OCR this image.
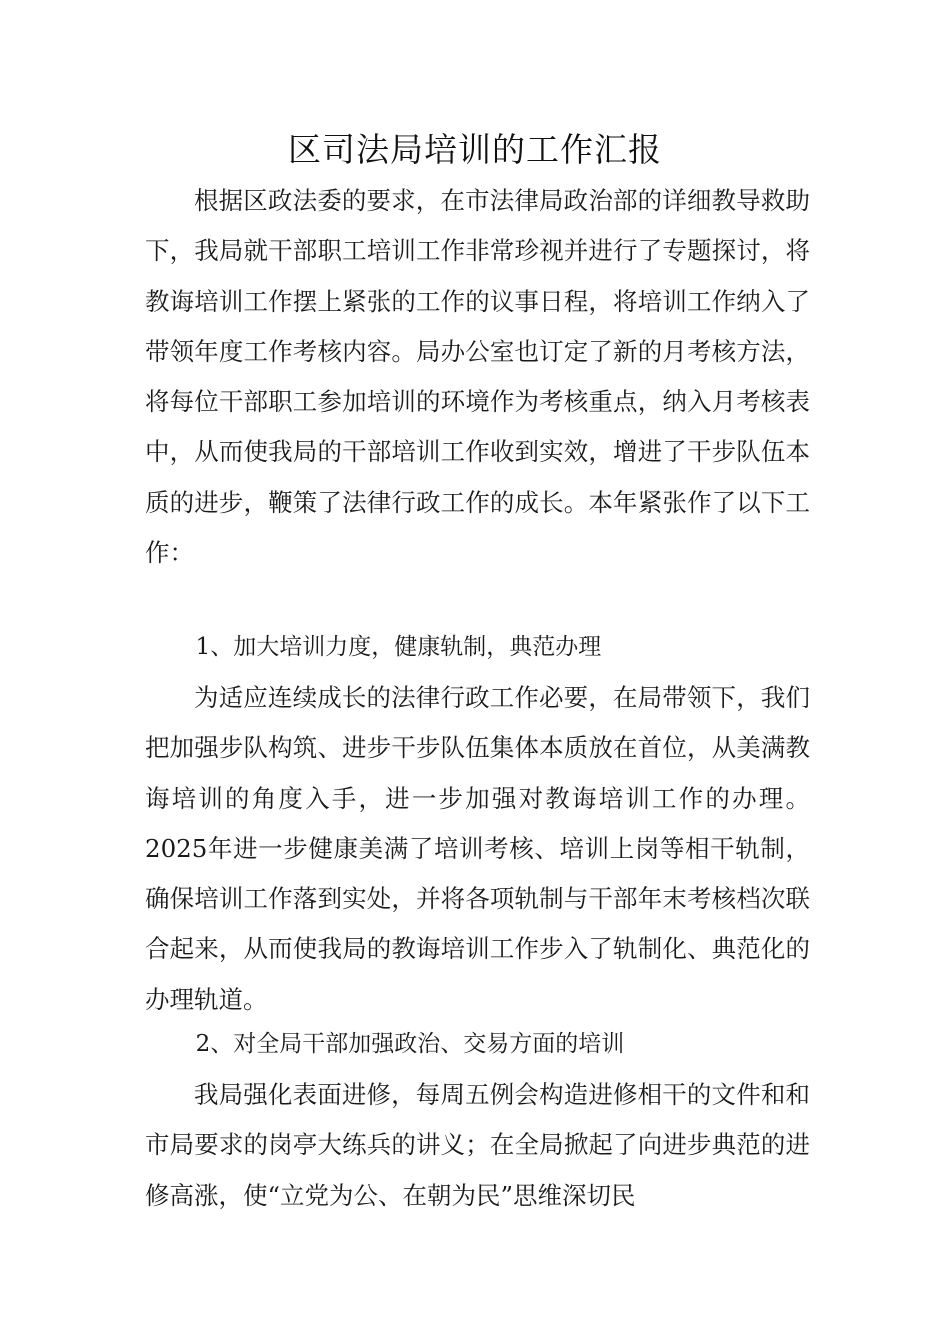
区司法局培训的工作汇报

根据区政法委的要求，在市法律局政治部的详细教导救助下，我局就干部职工培训工作非常珍视并进行了专题探讨，将教诲培训工作摆上紧张的工作的议事日程，将培训工作纳入了带领年度工作考核内容。局办公室也订定了新的月考核方法，将每位干部职工参加培训的环境作为考核重点，纳入月考核表中，从而使我局的干部培训工作收到实效，增进了干步队伍本质的进步，鞭策了法律行政工作的成长。本年紧张作了以下工作：

1、加大培训力度，健康轨制，典范办理

为适应连续成长的法律行政工作必要，在局带领下，我们把加强步队构筑、进步干步队伍集体本质放在首位，从美满教诲培训的角度入手，进一步加强对教诲培训工作的办理。2025年进一步健康美满了培训考核、培训上岗等相干轨制，确保培训工作落到实处，并将各项轨制与干部年末考核档次联合起来，从而使我局的教诲培训工作步入了轨制化、典范化的办理轨道。

2、对全局干部加强政治、交易方面的培训

我局强化表面进修，每周五例会构造进修相干的文件和和市局要求的岗亭大练兵的讲义；在全局掀起了向进步典范的进修高涨，使“立党为公、在朝为民”思维深切民
